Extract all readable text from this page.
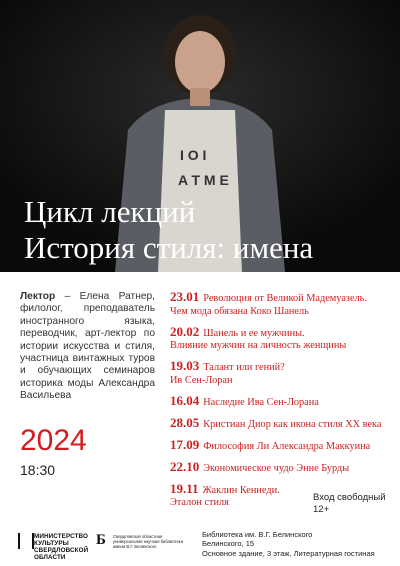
I O I
A T M E
Цикл лекций
История стиля: имена
Лектор – Елена Ратнер, филолог, преподаватель иностранного языка, переводчик, арт-лектор по истории искусства и стиля, участница винтажных туров и обучающих семинаров историка моды Александра Васильева
2024
18:30
23.01 Революция от Великой Мадемуазель.
Чем мода обязана Коко Шанель
20.02 Шанель и ее мужчины.
Влияние мужчин на личность женщины
19.03 Талант или гений?
Ив Сен-Лоран
16.04 Наследие Ива Сен-Лорана
28.05 Кристиан Диор как икона стиля XX века
17.09 Философия Ли Александра Маккуина
22.10 Экономическое чудо Энне Бурды
19.11 Жаклин Кеннеди.
Эталон стиля	Вход свободный
12+
МИНИСТЕРСТВО
КУЛЬТУРЫ
СВЕРДЛОВСКОЙ ОБЛАСТИ
Б	Свердловская областная
универсальная научная библиотека
имени В.Г. Белинского
Библиотека им. В.Г. Белинского
Белинского, 15
Основное здание, 3 этаж, Литературная гостиная
